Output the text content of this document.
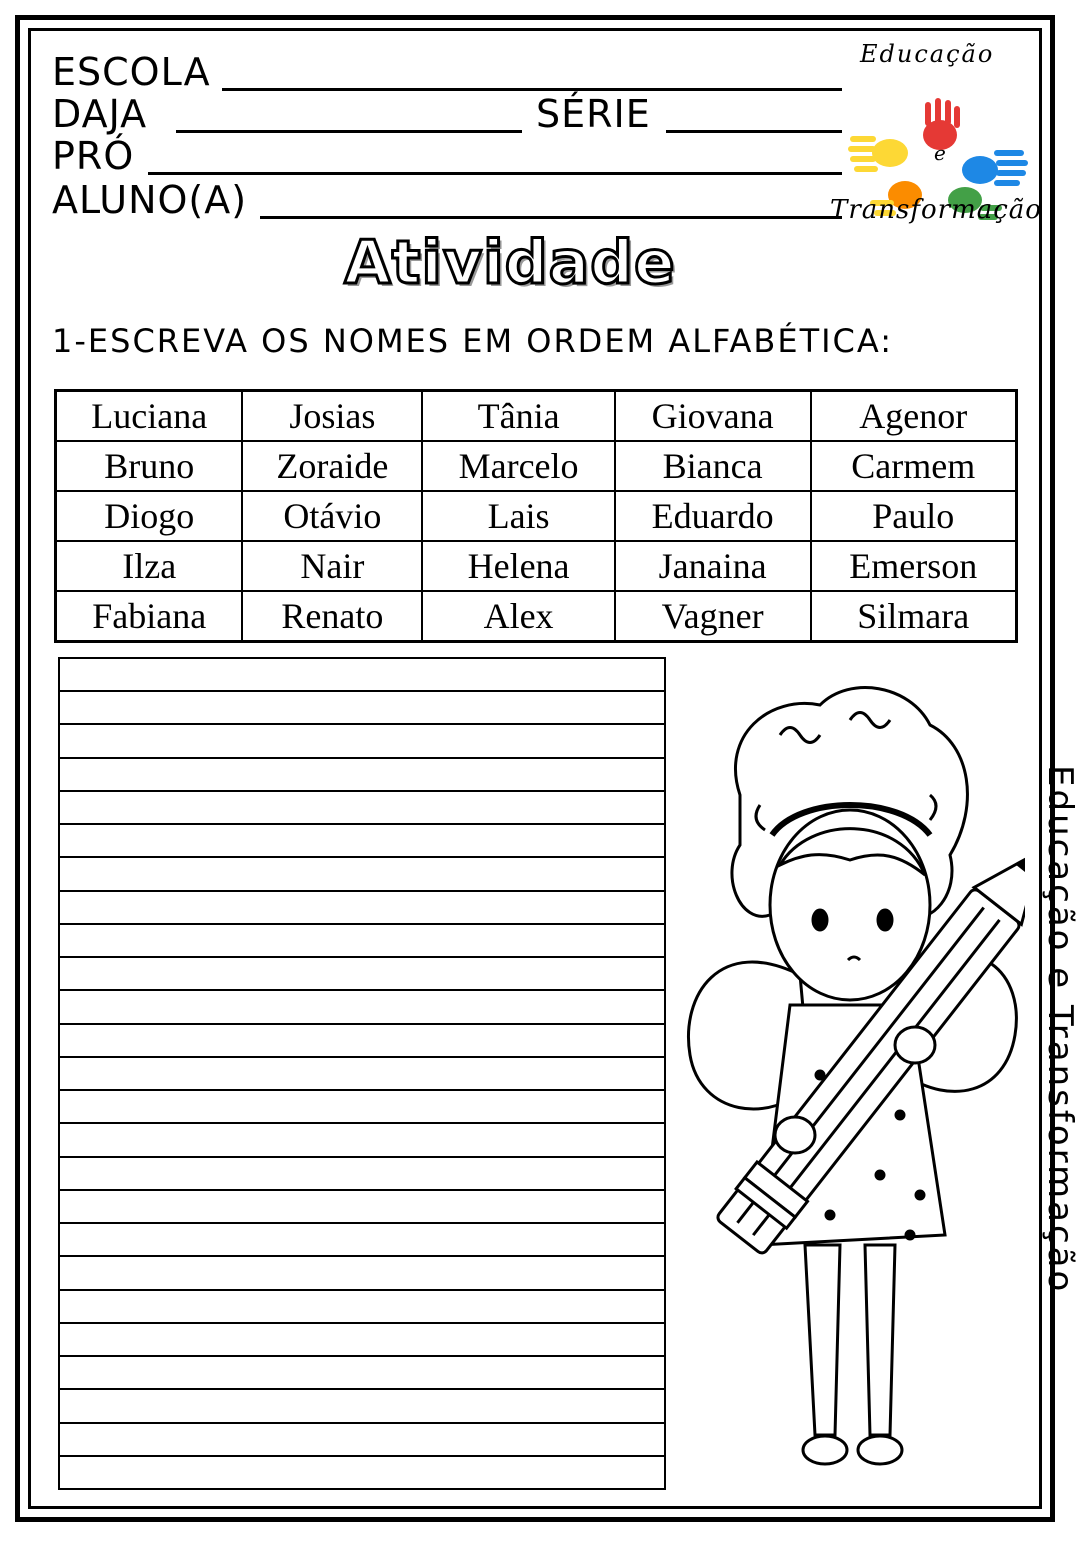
ESCOLA
DAJA	SÉRIE
PRÓ
ALUNO(A)
Educação
e
Transformação
Atividade
1-ESCREVA OS NOMES EM ORDEM ALFABÉTICA:
Luciana	Josias	Tânia	Giovana	Agenor
Bruno	Zoraide	Marcelo	Bianca	Carmem
Diogo	Otávio	Lais	Eduardo	Paulo
Ilza	Nair	Helena	Janaina	Emerson
Fabiana	Renato	Alex	Vagner	Silmara
Educação e Transformação
